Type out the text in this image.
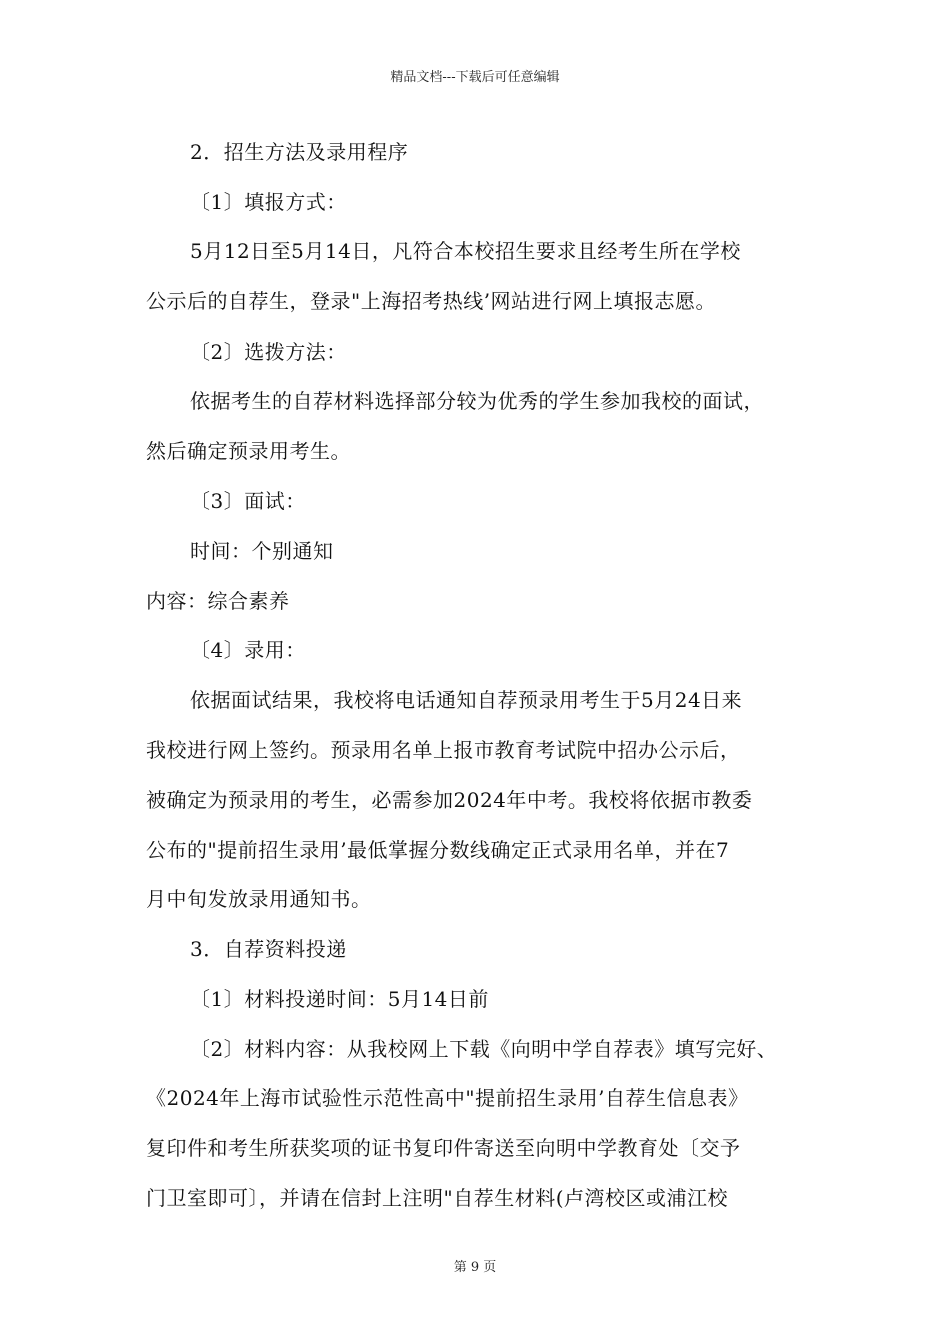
精品文档---下载后可任意编辑
2．招生方法及录用程序
〔1〕填报方式：
5月12日至5月14日，凡符合本校招生要求且经考生所在学校
公示后的自荐生，登录"上海招考热线’网站进行网上填报志愿。
〔2〕选拨方法：
依据考生的自荐材料选择部分较为优秀的学生参加我校的面试，
然后确定预录用考生。
〔3〕面试：
时间：个别通知
内容：综合素养
〔4〕录用：
依据面试结果，我校将电话通知自荐预录用考生于5月24日来
我校进行网上签约。预录用名单上报市教育考试院中招办公示后，
被确定为预录用的考生，必需参加2024年中考。我校将依据市教委
公布的"提前招生录用’最低掌握分数线确定正式录用名单，并在7
月中旬发放录用通知书。
3．自荐资料投递
〔1〕材料投递时间：5月14日前
〔2〕材料内容：从我校网上下载《向明中学自荐表》填写完好、
《2024年上海市试验性示范性高中"提前招生录用’自荐生信息表》
复印件和考生所获奖项的证书复印件寄送至向明中学教育处〔交予
门卫室即可〕，并请在信封上注明"自荐生材料(卢湾校区或浦江校
第 9 页
